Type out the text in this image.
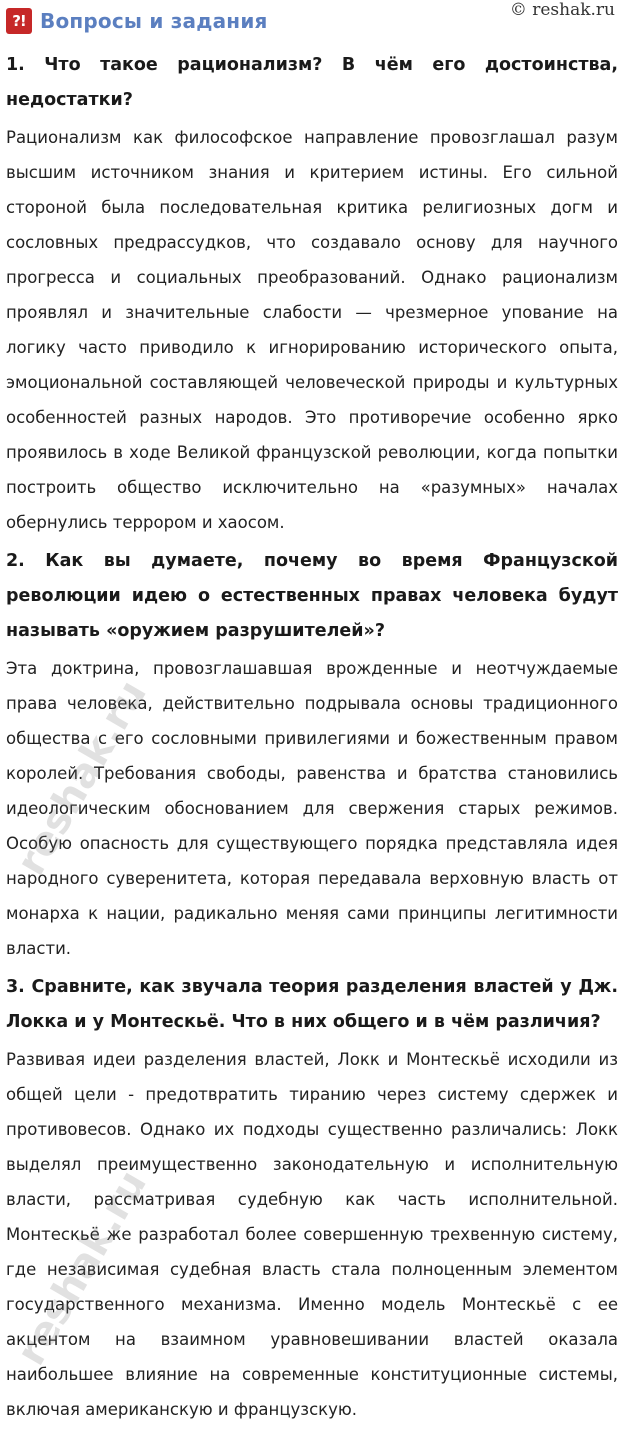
?! Вопросы и задания	© reshak.ru

1. Что такое рационализм? В чём его достоинства, недостатки?

Рационализм как философское направление провозглашал разум высшим источником знания и критерием истины. Его сильной стороной была последовательная критика религиозных догм и сословных предрассудков, что создавало основу для научного прогресса и социальных преобразований. Однако рационализм проявлял и значительные слабости — чрезмерное упование на логику часто приводило к игнорированию исторического опыта, эмоциональной составляющей человеческой природы и культурных особенностей разных народов. Это противоречие особенно ярко проявилось в ходе Великой французской революции, когда попытки построить общество исключительно на «разумных» началах обернулись террором и хаосом.

2. Как вы думаете, почему во время Французской революции идею о естественных правах человека будут называть «оружием разрушителей»?

Эта доктрина, провозглашавшая врожденные и неотчуждаемые права человека, действительно подрывала основы традиционного общества с его сословными привилегиями и божественным правом королей. Требования свободы, равенства и братства становились идеологическим обоснованием для свержения старых режимов. Особую опасность для существующего порядка представляла идея народного суверенитета, которая передавала верховную власть от монарха к нации, радикально меняя сами принципы легитимности власти.

3. Сравните, как звучала теория разделения властей у Дж. Локка и у Монтескьё. Что в них общего и в чём различия?

Развивая идеи разделения властей, Локк и Монтескьё исходили из общей цели - предотвратить тиранию через систему сдержек и противовесов. Однако их подходы существенно различались: Локк выделял преимущественно законодательную и исполнительную власти, рассматривая судебную как часть исполнительной. Монтескьё же разработал более совершенную трехвенную систему, где независимая судебная власть стала полноценным элементом государственного механизма. Именно модель Монтескьё с ее акцентом на взаимном уравновешивании властей оказала наибольшее влияние на современные конституционные системы, включая американскую и французскую.

reshak.ru
reshak.ru
